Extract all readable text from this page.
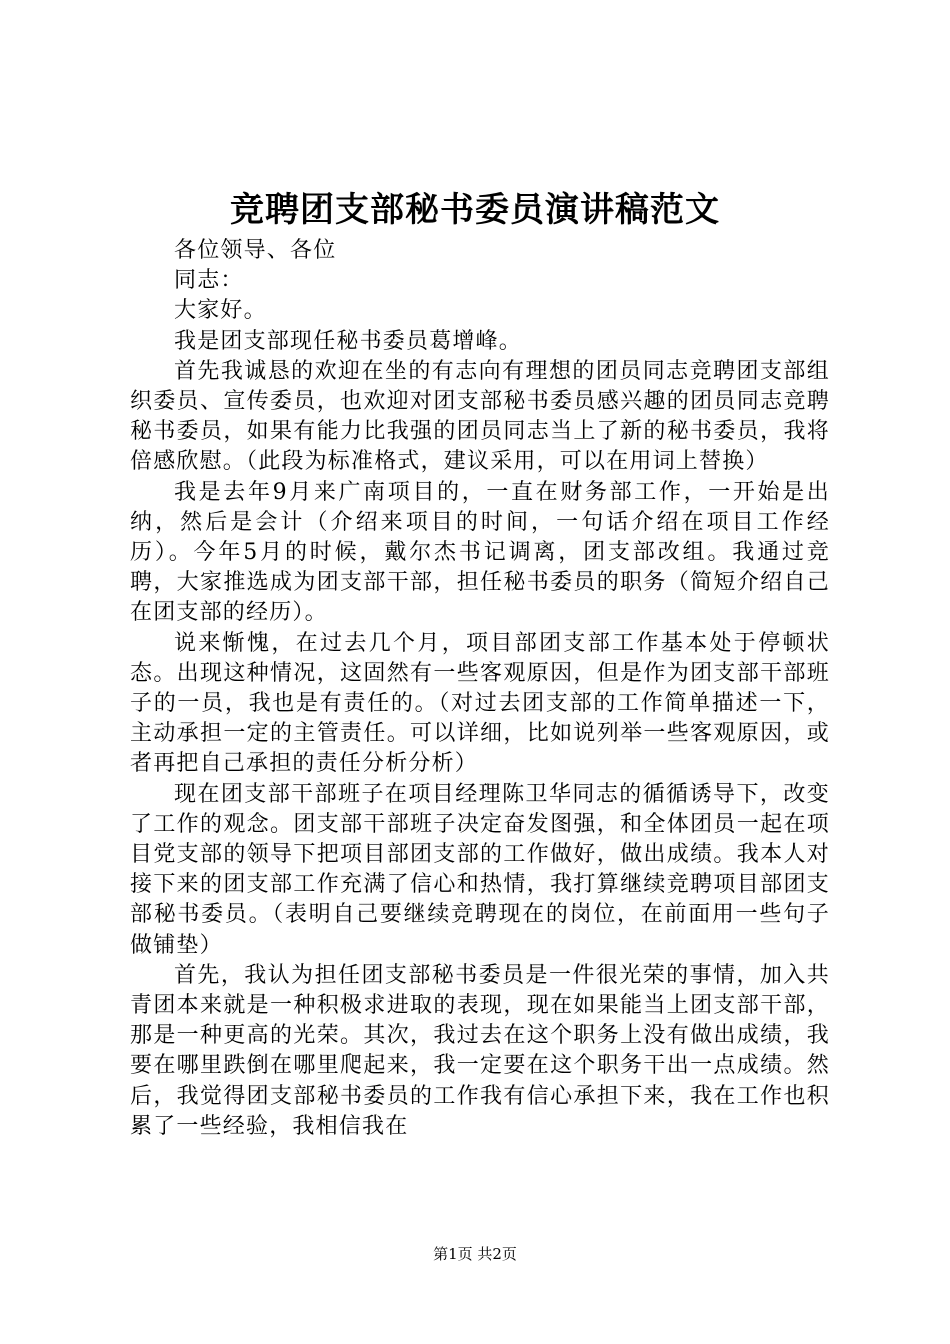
竞聘团支部秘书委员演讲稿范文

各位领导、各位

同志：

大家好。

我是团支部现任秘书委员葛增峰。

首先我诚恳的欢迎在坐的有志向有理想的团员同志竞聘团支部组织委员、宣传委员，也欢迎对团支部秘书委员感兴趣的团员同志竞聘秘书委员，如果有能力比我强的团员同志当上了新的秘书委员，我将倍感欣慰。（此段为标准格式，建议采用，可以在用词上替换）

我是去年9月来广南项目的，一直在财务部工作，一开始是出纳，然后是会计（介绍来项目的时间，一句话介绍在项目工作经历）。今年5月的时候，戴尔杰书记调离，团支部改组。我通过竞聘，大家推选成为团支部干部，担任秘书委员的职务（简短介绍自己在团支部的经历）。

说来惭愧，在过去几个月，项目部团支部工作基本处于停顿状态。出现这种情况，这固然有一些客观原因，但是作为团支部干部班子的一员，我也是有责任的。（对过去团支部的工作简单描述一下，主动承担一定的主管责任。可以详细，比如说列举一些客观原因，或者再把自己承担的责任分析分析）

现在团支部干部班子在项目经理陈卫华同志的循循诱导下，改变了工作的观念。团支部干部班子决定奋发图强，和全体团员一起在项目党支部的领导下把项目部团支部的工作做好，做出成绩。我本人对接下来的团支部工作充满了信心和热情，我打算继续竞聘项目部团支部秘书委员。（表明自己要继续竞聘现在的岗位，在前面用一些句子做铺垫）

首先，我认为担任团支部秘书委员是一件很光荣的事情，加入共青团本来就是一种积极求进取的表现，现在如果能当上团支部干部，那是一种更高的光荣。其次，我过去在这个职务上没有做出成绩，我要在哪里跌倒在哪里爬起来，我一定要在这个职务干出一点成绩。然后，我觉得团支部秘书委员的工作我有信心承担下来，我在工作也积累了一些经验，我相信我在

第1页 共2页
